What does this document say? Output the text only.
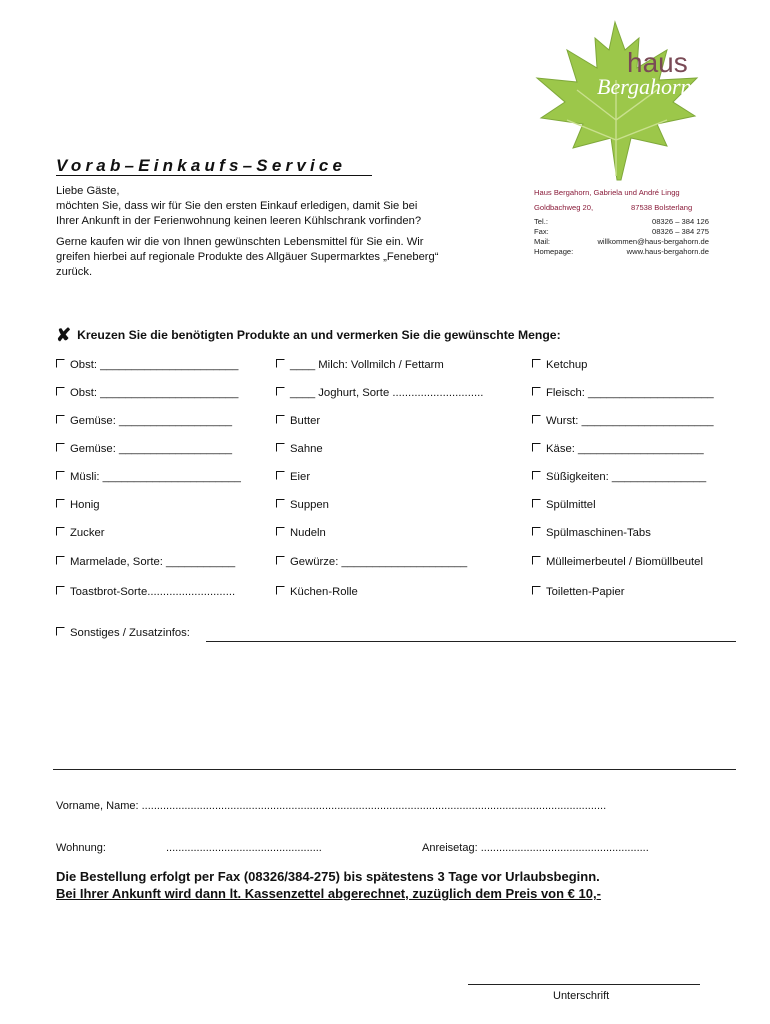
Vorab–Einkaufs–Service
Liebe Gäste,
möchten Sie, dass wir für Sie den ersten Einkauf erledigen, damit Sie bei
Ihrer Ankunft in der Ferienwohnung keinen leeren Kühlschrank vorfinden?
Gerne kaufen wir die von Ihnen gewünschten Lebensmittel für Sie ein. Wir
greifen hierbei auf regionale Produkte des Allgäuer Supermarktes „Feneberg“
zurück.
haus
Bergahorn
Haus Bergahorn, Gabriela und André Lingg
Goldbachweg 20,	87538 Bolsterlang
Tel.:	08326 – 384 126
Fax:	08326 – 384 275
Mail:	willkommen@haus-bergahorn.de
Homepage:	www.haus-bergahorn.de
✘ Kreuzen Sie die benötigten Produkte an und vermerken Sie die gewünschte Menge:
Obst: ______________________
Obst: ______________________
Gemüse: __________________
Gemüse: __________________
Müsli: ______________________
Honig
Zucker
Marmelade, Sorte: ___________
Toastbrot-Sorte............................
____ Milch: Vollmilch / Fettarm
____ Joghurt, Sorte .............................
Butter
Sahne
Eier
Suppen
Nudeln
Gewürze: ____________________
Küchen-Rolle
Ketchup
Fleisch: ____________________
Wurst: _____________________
Käse: ____________________
Süßigkeiten: _______________
Spülmittel
Spülmaschinen-Tabs
Mülleimerbeutel / Biomüllbeutel
Toiletten-Papier
Sonstiges / Zusatzinfos:
Vorname, Name: ........................................................................................................................................................
Wohnung:	...................................................	Anreisetag: .......................................................
Die Bestellung erfolgt per Fax (08326/384-275) bis spätestens 3 Tage vor Urlaubsbeginn.
Bei Ihrer Ankunft wird dann lt. Kassenzettel abgerechnet, zuzüglich dem Preis von € 10,-
Unterschrift
